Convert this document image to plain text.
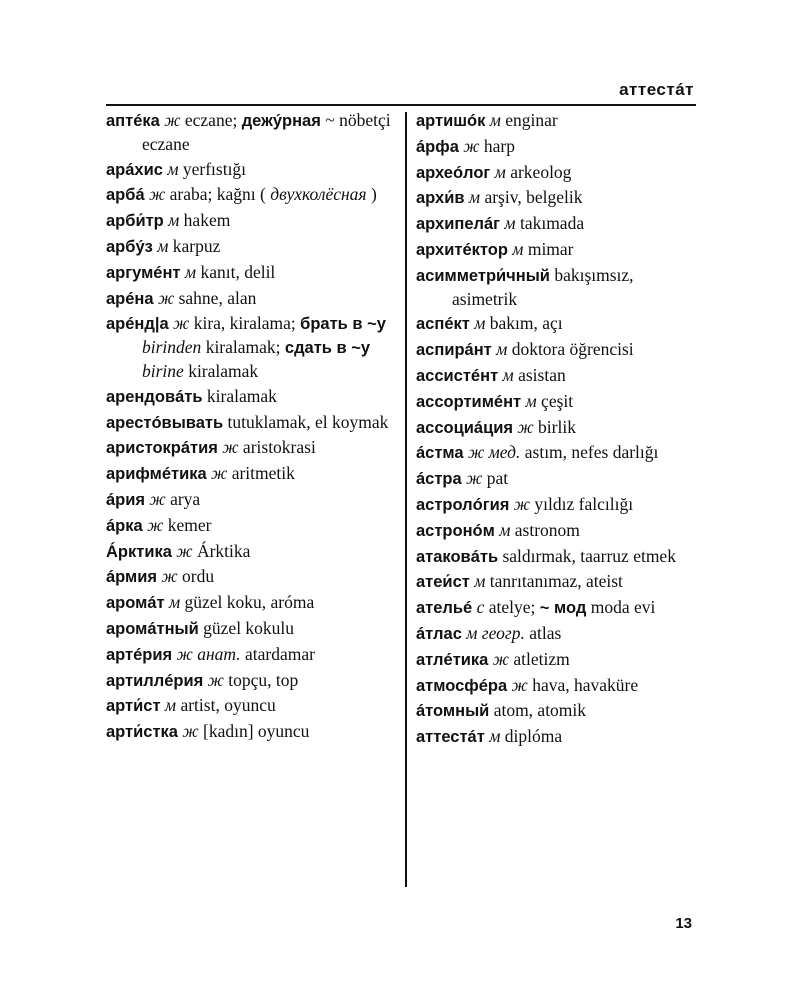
аттестáт
аптéка ж eczane; дежýрная ~ nöbetçi eczane
арáхис м yerfıstığı
арбá ж araba; kağnı ( двухколёсная )
арби́тр м hakem
арбýз м karpuz
аргумéнт м kanıt, delil
арéна ж sahne, alan
арéнд|а ж kira, kiralama; брать в ~у birinden kiralamak; сдать в ~у birine kiralamak
арендовáть kiralamak
арестóвывать tutuklamak, el koymak
аристокрáтия ж aristokrasi
арифмéтика ж aritmetik
áрия ж arya
áрка ж kemer
Áрктика ж Árktika
áрмия ж ordu
аромáт м güzel koku, aróma
аромáтный güzel kokulu
артéрия ж анат. atardamar
артиллéрия ж topçu, top
арти́ст м artist, oyuncu
арти́стка ж [kadın] oyuncu
артишóк м enginar
áрфа ж harp
археóлог м arkeolog
архи́в м arşiv, belgelik
архипелáг м takımada
архитéктор м mimar
асимметри́чный bakışımsız, asimetrik
аспéкт м bakım, açı
аспирáнт м doktora öğrencisi
ассистéнт м asistan
ассортимéнт м çeşit
ассоциáция ж birlik
áстма ж мед. astım, nefes darlığı
áстра ж pat
астролóгия ж yıldız falcılığı
астронóм м astronom
атаковáть saldırmak, taarruz etmek
атеи́ст м tanrıtanımaz, ateist
ательé с atelye; ~ мод moda evi
áтлас м геогр. atlas
атлéтика ж atletizm
атмосфéра ж hava, havaküre
áтомный atom, atomik
аттестáт м diplóma
13
